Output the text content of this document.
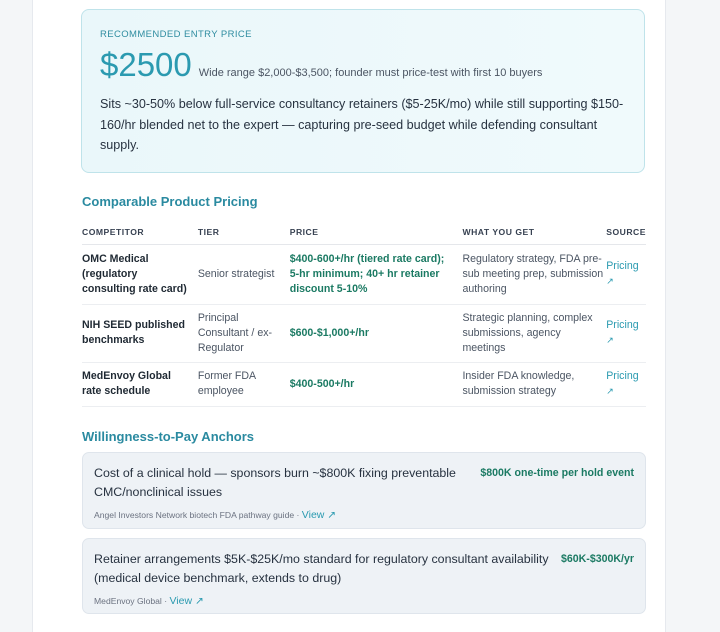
RECOMMENDED ENTRY PRICE
$2500 Wide range $2,000-$3,500; founder must price-test with first 10 buyers

Sits ~30-50% below full-service consultancy retainers ($5-25K/mo) while still supporting $150-160/hr blended net to the expert — capturing pre-seed budget while defending consultant supply.

Comparable Product Pricing
COMPETITOR	TIER	PRICE	WHAT YOU GET	SOURCE
OMC Medical (regulatory consulting rate card)	Senior strategist	$400-600+/hr (tiered rate card); 5-hr minimum; 40+ hr retainer discount 5-10%	Regulatory strategy, FDA pre-sub meeting prep, submission authoring	Pricing
↗

NIH SEED published benchmarks	Principal Consultant / ex-Regulator	$600-$1,000+/hr	Strategic planning, complex submissions, agency meetings	Pricing
↗

MedEnvoy Global rate schedule	Former FDA employee	$400-500+/hr	Insider FDA knowledge, submission strategy	Pricing
↗
Willingness-to-Pay Anchors

Cost of a clinical hold — sponsors burn ~$800K fixing preventable CMC/nonclinical issues

$800K one-time per hold event
Angel Investors Network biotech FDA pathway guide · View ↗

Retainer arrangements $5K-$25K/mo standard for regulatory consultant availability (medical device benchmark, extends to drug)

$60K-$300K/yr
MedEnvoy Global · View ↗
